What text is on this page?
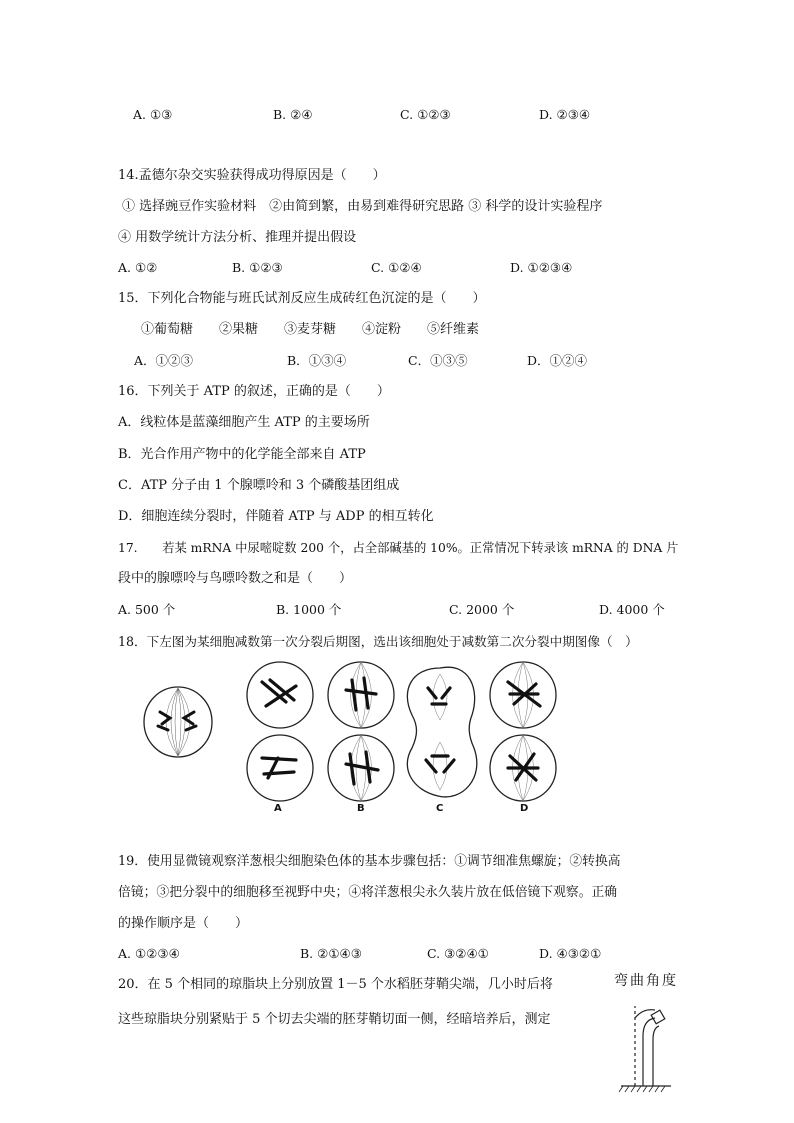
A. ①③	B. ②④	C. ①②③	D. ②③④
14.孟德尔杂交实验获得成功得原因是（　　）
① 选择豌豆作实验材料　②由简到繁，由易到难得研究思路 ③ 科学的设计实验程序
④ 用数学统计方法分析、推理并提出假设
A. ①②	B. ①②③	C. ①②④	D. ①②③④
15．下列化合物能与班氏试剂反应生成砖红色沉淀的是（　　）
①葡萄糖　　②果糖　　③麦芽糖　　④淀粉　　⑤纤维素
A．①②③	B．①③④	C．①③⑤	D．①②④
16．下列关于 ATP 的叙述，正确的是（　　）
A．线粒体是蓝藻细胞产生 ATP 的主要场所
B．光合作用产物中的化学能全部来自 ATP
C．ATP 分子由 1 个腺嘌呤和 3 个磷酸基团组成
D．细胞连续分裂时，伴随着 ATP 与 ADP 的相互转化
17.　　若某 mRNA 中尿嘧啶数 200 个，占全部碱基的 10%。正常情况下转录该 mRNA 的 DNA 片
段中的腺嘌呤与鸟嘌呤数之和是（　　）
A. 500 个	B. 1000 个	C. 2000 个	D. 4000 个
18．下左图为某细胞减数第一次分裂后期图，选出该细胞处于减数第二次分裂中期图像（　）
A	B	C	D
19．使用显微镜观察洋葱根尖细胞染色体的基本步骤包括：①调节细准焦螺旋；②转换高
倍镜；③把分裂中的细胞移至视野中央；④将洋葱根尖永久装片放在低倍镜下观察。正确
的操作顺序是（　　）
A. ①②③④	B. ②①④③	C. ③②④①	D. ④③②①
20．在 5 个相同的琼脂块上分别放置 1－5 个水稻胚芽鞘尖端，几小时后将
这些琼脂块分别紧贴于 5 个切去尖端的胚芽鞘切面一侧，经暗培养后，测定
弯曲角度
